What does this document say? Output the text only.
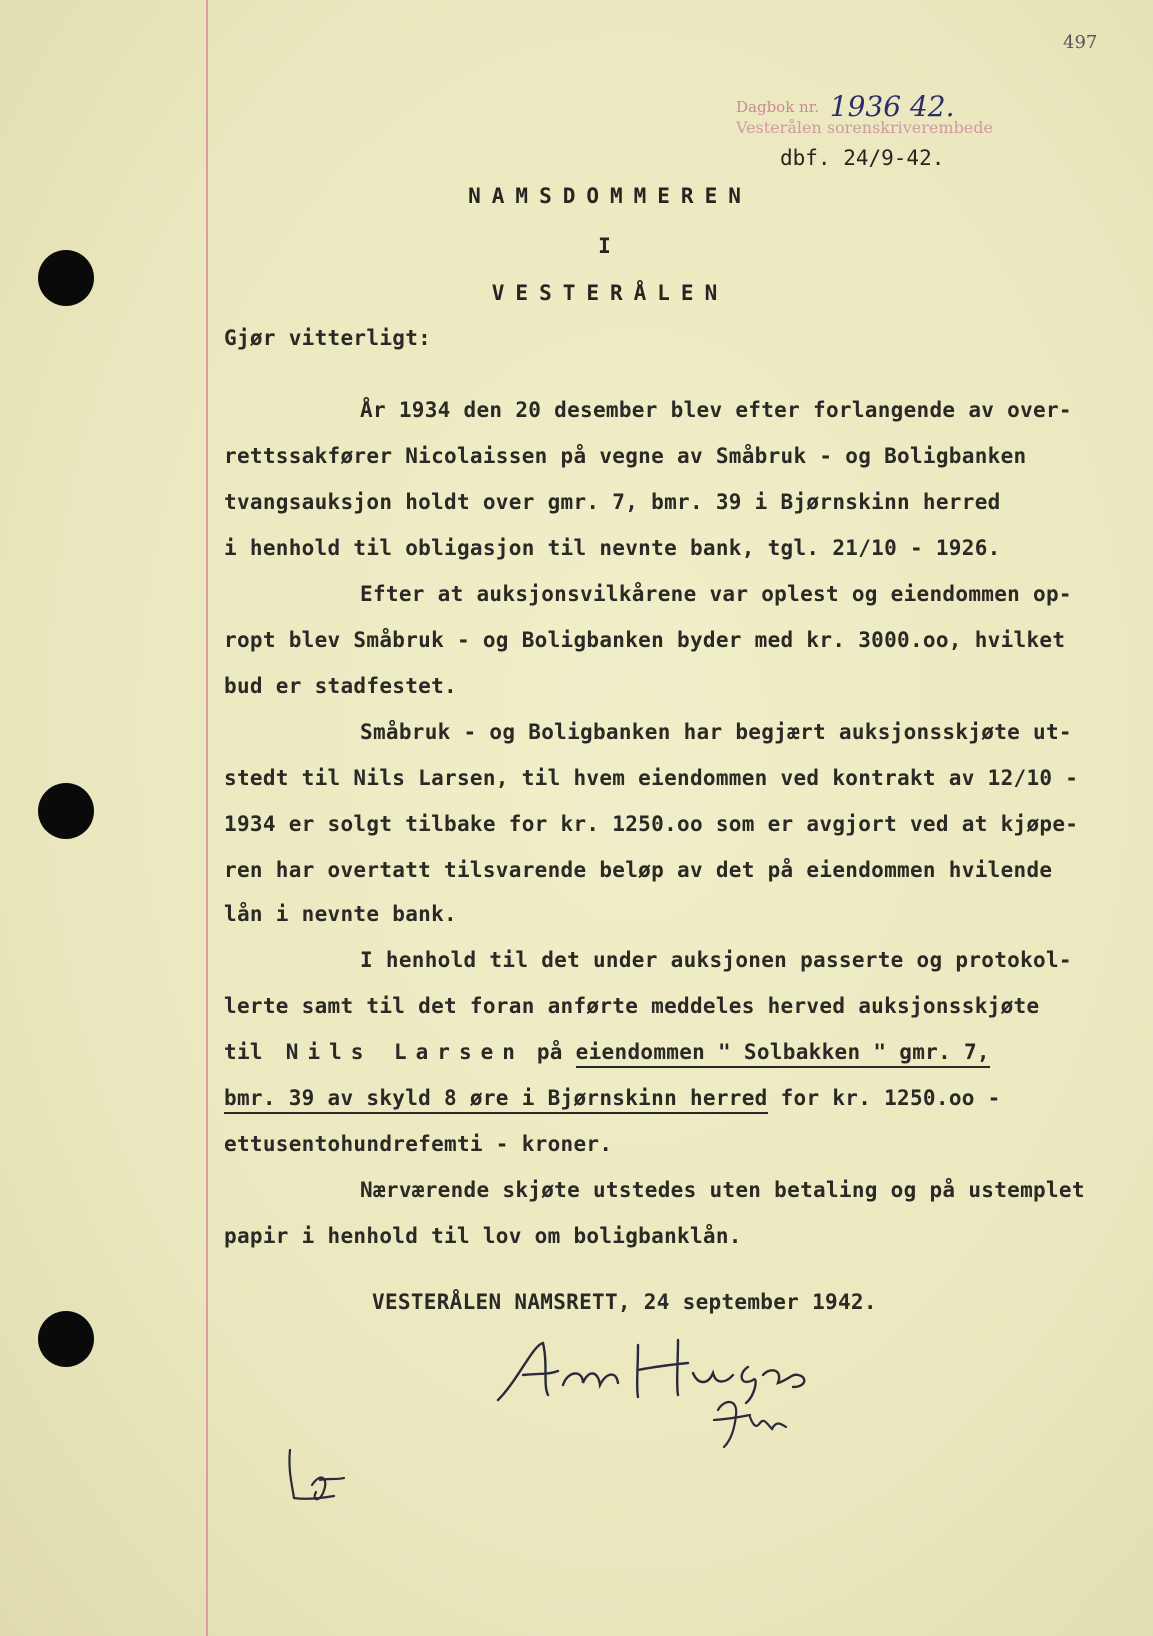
497
Dagbok nr. 1936 42.
Vesterålen sorenskriverembede
dbf. 24/9-42.
NAMSDOMMEREN
I
VESTERÅLEN
Gjør vitterligt:
År 1934 den 20 desember blev efter forlangende av over-
rettssakfører Nicolaissen på vegne av Småbruk - og Boligbanken
tvangsauksjon holdt over gmr. 7, bmr. 39 i Bjørnskinn herred
i henhold til obligasjon til nevnte bank, tgl. 21/10 - 1926.
Efter at auksjonsvilkårene var oplest og eiendommen op-
ropt blev Småbruk - og Boligbanken byder med kr. 3000.oo, hvilket
bud er stadfestet.
Småbruk - og Boligbanken har begjært auksjonsskjøte ut-
stedt til Nils Larsen, til hvem eiendommen ved kontrakt av 12/10 -
1934 er solgt tilbake for kr. 1250.oo som er avgjort ved at kjøpe-
ren har overtatt tilsvarende beløp av det på eiendommen hvilende
lån i nevnte bank.
I henhold til det under auksjonen passerte og protokol-
lerte samt til det foran anførte meddeles herved auksjonsskjøte
til Nils Larsen på eiendommen " Solbakken " gmr. 7,
bmr. 39 av skyld 8 øre i Bjørnskinn herred for kr. 1250.oo -
ettusentohundrefemti - kroner.
Nærværende skjøte utstedes uten betaling og på ustemplet
papir i henhold til lov om boligbanklån.
VESTERÅLEN NAMSRETT, 24 september 1942.
